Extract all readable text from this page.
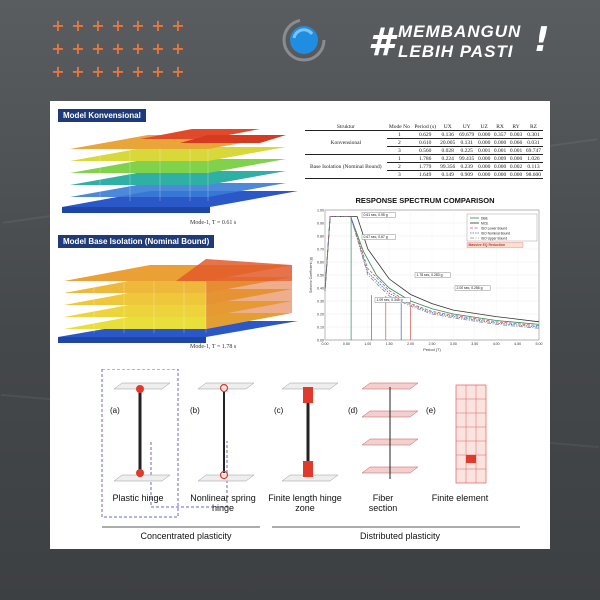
+ + + + + + +
+ + + + + + +
+ + + + + + +
# MEMBANGUN
LEBIH PASTI !
Model Konvensional
Mode-1, T = 0.61 s
Model Base Isolation (Nominal Bound)
Mode-1, T = 1.78 s
Struktur	Mode No	Period (s)	UX	UY	UZ	RX	RY	RZ
Konvensional	1	0.629	0.136	69.679	0.000	0.357	0.003	0.301
	2	0.610	20.005	0.131	0.000	0.000	0.066	0.031
	3	0.560	0.028	0.225	0.001	0.001	0.001	69.747
Base Isolation (Nominal Bound)	1	1.786	0.224	99.435	0.000	0.009	0.000	1.026
	2	1.779	99.356	0.239	0.000	0.000	0.002	0.113
	3	1.649	0.149	0.909	0.000	0.000	0.000	98.600
RESPONSE SPECTRUM COMPARISON
0.00
0.10
0.20
0.30
0.40
0.50
0.60
0.70
0.80
0.90
1.00
0.00	0.50	1.00	1.50	2.00	2.50	3.00	3.50	4.00	4.50	5.00
Period (T)
Seismic Coefficient (g)
DBE
MCE
ISO Lower Bound
ISO Nominal Bound
ISO Upper Bound
0.61 sec, 0.95 g
0.67 sec, 0.67 g
1.78 sec, 0.283 g
2.00 sec, 0.256 g
1.09 sec, 0.345 g
Massive EQ Reduction
(a)	(b)	(c)	(d)	(e)
Plastic hinge	Nonlinear spring hinge
Finite length hinge zone
Fiber section
Finite element
Concentrated plasticity	Distributed plasticity
